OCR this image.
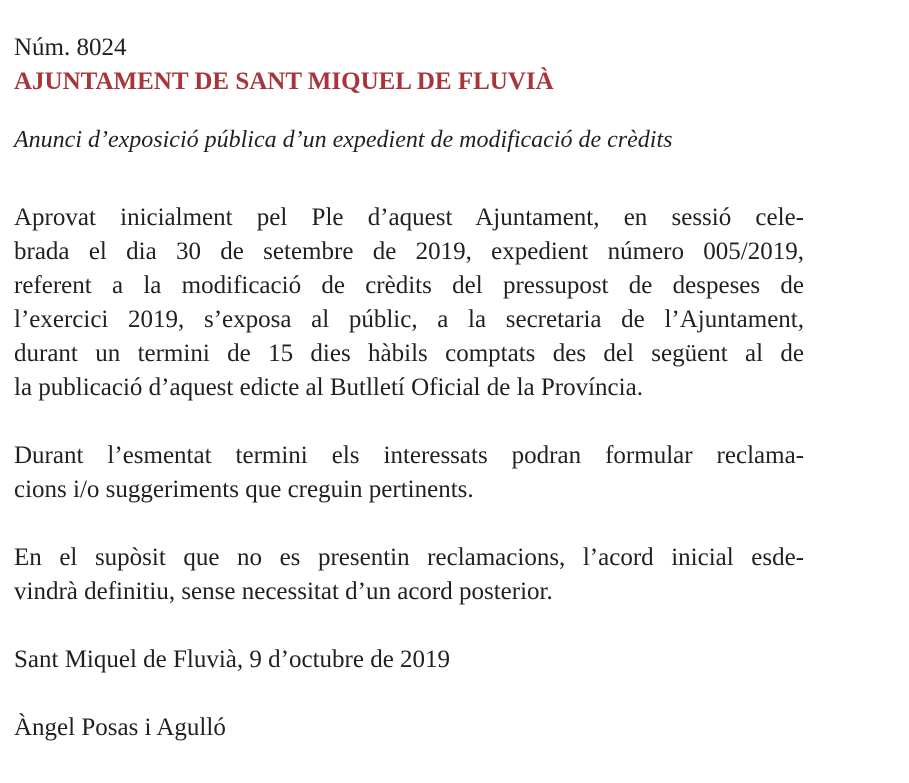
Núm. 8024

AJUNTAMENT DE SANT MIQUEL DE FLUVIÀ

Anunci d’exposició pública d’un expedient de modificació de crèdits

Aprovat inicialment pel Ple d’aquest Ajuntament, en sessió cele-
brada el dia 30 de setembre de 2019, expedient número 005/2019,
referent a la modificació de crèdits del pressupost de despeses de
l’exercici 2019, s’exposa al públic, a la secretaria de l’Ajuntament,
durant un termini de 15 dies hàbils comptats des del següent al de
la publicació d’aquest edicte al Butlletí Oficial de la Província.

Durant l’esmentat termini els interessats podran formular reclama-
cions i/o suggeriments que creguin pertinents.

En el supòsit que no es presentin reclamacions, l’acord inicial esde-
vindrà definitiu, sense necessitat d’un acord posterior.

Sant Miquel de Fluvià, 9 d’octubre de 2019

Àngel Posas i Agulló
